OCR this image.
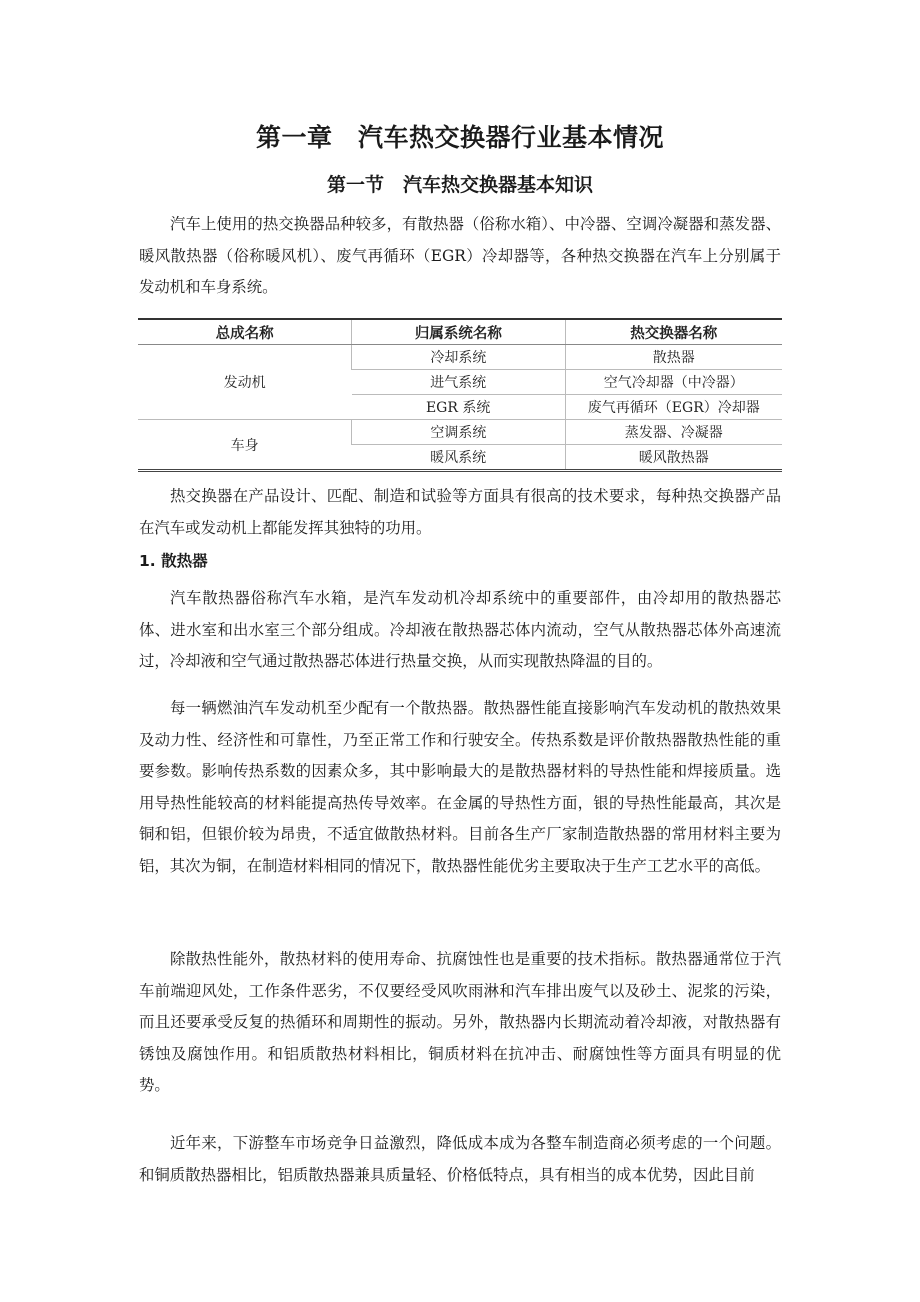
第一章　汽车热交换器行业基本情况
第一节　汽车热交换器基本知识

汽车上使用的热交换器品种较多，有散热器（俗称水箱）、中冷器、空调冷凝器和蒸发器、暖风散热器（俗称暖风机）、废气再循环（EGR）冷却器等，各种热交换器在汽车上分别属于发动机和车身系统。

总成名称	归属系统名称	热交换器名称
发动机	冷却系统	散热器
	进气系统	空气冷却器（中冷器）
	EGR 系统	废气再循环（EGR）冷却器
车身	空调系统	蒸发器、冷凝器
	暖风系统	暖风散热器

热交换器在产品设计、匹配、制造和试验等方面具有很高的技术要求，每种热交换器产品在汽车或发动机上都能发挥其独特的功用。

1. 散热器

汽车散热器俗称汽车水箱，是汽车发动机冷却系统中的重要部件，由冷却用的散热器芯体、进水室和出水室三个部分组成。冷却液在散热器芯体内流动，空气从散热器芯体外高速流过，冷却液和空气通过散热器芯体进行热量交换，从而实现散热降温的目的。

每一辆燃油汽车发动机至少配有一个散热器。散热器性能直接影响汽车发动机的散热效果及动力性、经济性和可靠性，乃至正常工作和行驶安全。传热系数是评价散热器散热性能的重要参数。影响传热系数的因素众多，其中影响最大的是散热器材料的导热性能和焊接质量。选用导热性能较高的材料能提高热传导效率。在金属的导热性方面，银的导热性能最高，其次是铜和铝，但银价较为昂贵，不适宜做散热材料。目前各生产厂家制造散热器的常用材料主要为铝，其次为铜，在制造材料相同的情况下，散热器性能优劣主要取决于生产工艺水平的高低。

除散热性能外，散热材料的使用寿命、抗腐蚀性也是重要的技术指标。散热器通常位于汽车前端迎风处，工作条件恶劣，不仅要经受风吹雨淋和汽车排出废气以及砂土、泥浆的污染，而且还要承受反复的热循环和周期性的振动。另外，散热器内长期流动着冷却液，对散热器有锈蚀及腐蚀作用。和铝质散热材料相比，铜质材料在抗冲击、耐腐蚀性等方面具有明显的优势。

近年来，下游整车市场竞争日益激烈，降低成本成为各整车制造商必须考虑的一个问题。和铜质散热器相比，铝质散热器兼具质量轻、价格低特点，具有相当的成本优势，因此目前
